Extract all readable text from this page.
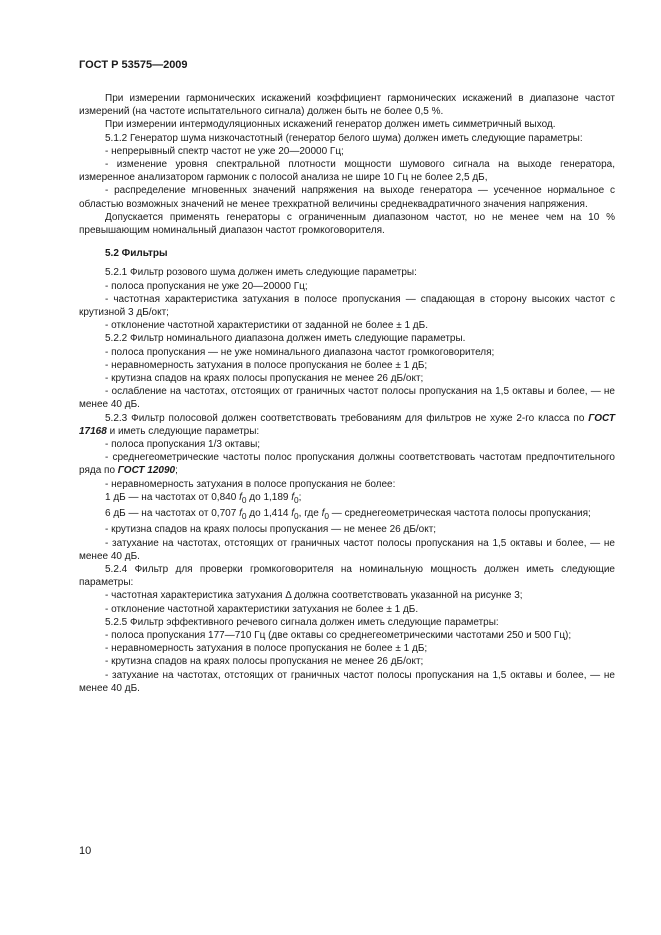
ГОСТ Р 53575—2009

При измерении гармонических искажений коэффициент гармонических искажений в диапазоне частот измерений (на частоте испытательного сигнала) должен быть не более 0,5 %.

При измерении интермодуляционных искажений генератор должен иметь симметричный выход.

5.1.2 Генератор шума низкочастотный (генератор белого шума) должен иметь следующие параметры:

- непрерывный спектр частот не уже 20—20000 Гц;

- изменение уровня спектральной плотности мощности шумового сигнала на выходе генератора, измеренное анализатором гармоник с полосой анализа не шире 10 Гц не более 2,5 дБ,

- распределение мгновенных значений напряжения на выходе генератора — усеченное нормальное с областью возможных значений не менее трехкратной величины среднеквадратичного значения напряжения.

Допускается применять генераторы с ограниченным диапазоном частот, но не менее чем на 10 % превышающим номинальный диапазон частот громкоговорителя.

5.2 Фильтры

5.2.1 Фильтр розового шума должен иметь следующие параметры:

- полоса пропускания не уже 20—20000 Гц;

- частотная характеристика затухания в полосе пропускания — спадающая в сторону высоких частот с крутизной 3 дБ/окт;

- отклонение частотной характеристики от заданной не более ± 1 дБ.

5.2.2 Фильтр номинального диапазона должен иметь следующие параметры.

- полоса пропускания — не уже номинального диапазона частот громкоговорителя;

- неравномерность затухания в полосе пропускания не более ± 1 дБ;

- крутизна спадов на краях полосы пропускания не менее 26 дБ/окт;

- ослабление на частотах, отстоящих от граничных частот полосы пропускания на 1,5 октавы и более, — не менее 40 дБ.

5.2.3 Фильтр полосовой должен соответствовать требованиям для фильтров не хуже 2-го класса по ГОСТ 17168 и иметь следующие параметры:

- полоса пропускания 1/3 октавы;

- среднегеометрические частоты полос пропускания должны соответствовать частотам предпочтительного ряда по ГОСТ 12090;

- неравномерность затухания в полосе пропускания не более:

1 дБ — на частотах от 0,840 $f_0$ до 1,189 $f_0$;

6 дБ — на частотах от 0,707 $f_0$ до 1,414 $f_0$, где $f_0$ — среднегеометрическая частота полосы пропускания;

- крутизна спадов на краях полосы пропускания — не менее 26 дБ/окт;

- затухание на частотах, отстоящих от граничных частот полосы пропускания на 1,5 октавы и более, — не менее 40 дБ.

5.2.4 Фильтр для проверки громкоговорителя на номинальную мощность должен иметь следующие параметры:

- частотная характеристика затухания Δ должна соответствовать указанной на рисунке 3;

- отклонение частотной характеристики затухания не более ± 1 дБ.

5.2.5 Фильтр эффективного речевого сигнала должен иметь следующие параметры:

- полоса пропускания 177—710 Гц (две октавы со среднегеометрическими частотами 250 и 500 Гц);

- неравномерность затухания в полосе пропускания не более ± 1 дБ;

- крутизна спадов на краях полосы пропускания не менее 26 дБ/окт;

- затухание на частотах, отстоящих от граничных частот полосы пропускания на 1,5 октавы и более, — не менее 40 дБ.

10
